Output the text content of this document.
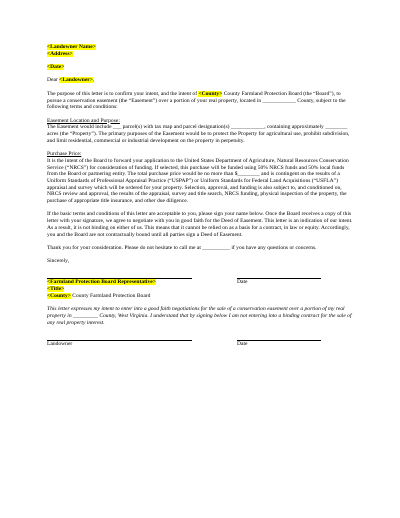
<Landowner Name>

<Address>

<Date>

Dear <Landowner>,

The purpose of this letter is to confirm your intent, and the intent of <County> County Farmland Protection Board (the “Board”), to pursue a conservation easement (the “Easement”) over a portion of your real property, located in ____________ County, subject to the following terms and conditions:

Easement Location and Purpose:

The Easement would include ___ parcel(s) with tax map and parcel designation(s) ____________, containing approximately ________ acres (the “Property”). The primary purposes of the Easement would be to protect the Property for agricultural use, prohibit subdivision, and limit residential, commercial or industrial development on the property in perpetuity.

Purchase Price:

It is the intent of the Board to forward your application to the United States Department of Agriculture, Natural Resources Conservation Service (“NRCS”) for consideration of funding. If selected, this purchase will be funded using 50% NRCS funds and 50% local funds from the Board or partnering entity. The total purchase price would be no more than $________ and is contingent on the results of a Uniform Standards of Professional Appraisal Practice (“USPAP”) or Uniform Standards for Federal Land Acquisitions (“USFLA”) appraisal and survey which will be ordered for your property. Selection, approval, and funding is also subject to, and conditioned on, NRCS review and approval, the results of the appraisal, survey and title search, NRCS funding, physical inspection of the property, the purchase of appropriate title insurance, and other due diligence.

If the basic terms and conditions of this letter are acceptable to you, please sign your name below. Once the Board receives a copy of this letter with your signature, we agree to negotiate with you in good faith for the Deed of Easement. This letter is an indication of our intent. As a result, it is not binding on either of us. This means that it cannot be relied on as a basis for a contract, in law or equity. Accordingly, you and the Board are not contractually bound until all parties sign a Deed of Easement.

Thank you for your consideration. Please do not hesitate to call me at __________ if you have any questions or concerns.

Sincerely,

<Farmland Protection Board Representative>	Date

<Title>

<County> County Farmland Protection Board

This letter expresses my intent to enter into a good faith negotiations for the sale of a conservation easement over a portion of my real property in _________ County, West Virginia. I understand that by signing below I am not entering into a binding contract for the sale of any real property interest.

Landowner	Date
